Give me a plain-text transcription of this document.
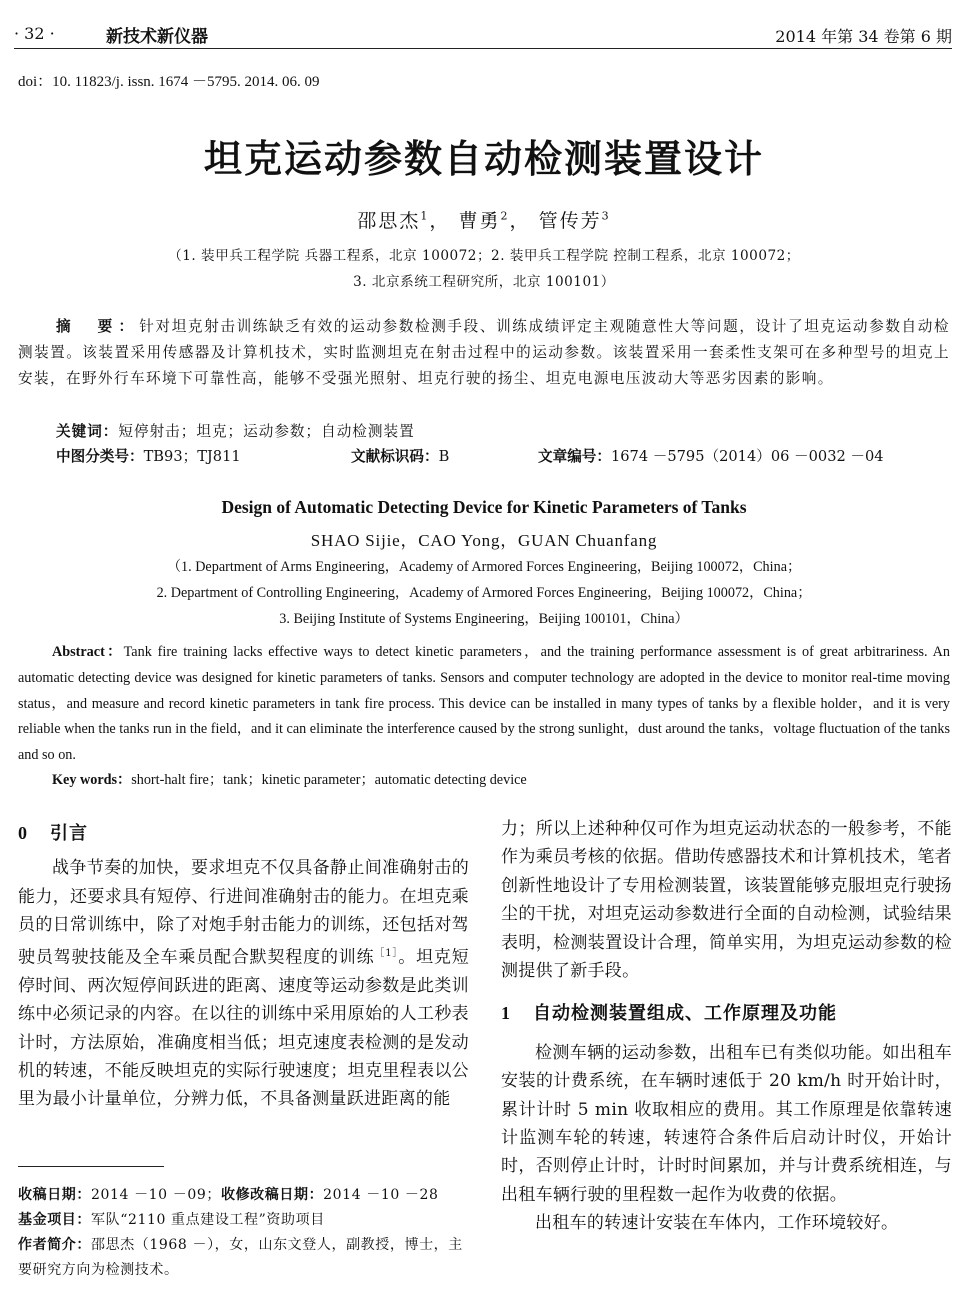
· 32 ·	新技术新仪器	2014 年第 34 卷第 6 期
doi：10. 11823/j. issn. 1674 －5795. 2014. 06. 09
坦克运动参数自动检测装置设计
邵思杰$^1$， 曹勇$^2$， 管传芳$^3$
（1. 装甲兵工程学院 兵器工程系，北京 100072；2. 装甲兵工程学院 控制工程系，北京 100072；
3. 北京系统工程研究所，北京 100101）
摘　要：针对坦克射击训练缺乏有效的运动参数检测手段、训练成绩评定主观随意性大等问题，设计了坦克运动参数自动检测装置。该装置采用传感器及计算机技术，实时监测坦克在射击过程中的运动参数。该装置采用一套柔性支架可在多种型号的坦克上安装，在野外行车环境下可靠性高，能够不受强光照射、坦克行驶的扬尘、坦克电源电压波动大等恶劣因素的影响。
关键词：短停射击；坦克；运动参数；自动检测装置
中图分类号：TB93；TJ811	文献标识码：B	文章编号：1674 －5795（2014）06 －0032 －04
Design of Automatic Detecting Device for Kinetic Parameters of Tanks
SHAO Sijie，CAO Yong，GUAN Chuanfang
（1. Department of Arms Engineering，Academy of Armored Forces Engineering，Beijing 100072，China；
2. Department of Controlling Engineering，Academy of Armored Forces Engineering，Beijing 100072，China；
3. Beijing Institute of Systems Engineering，Beijing 100101，China）
Abstract：Tank fire training lacks effective ways to detect kinetic parameters，and the training performance assessment is of great arbitrariness. An automatic detecting device was designed for kinetic parameters of tanks. Sensors and computer technology are adopted in the device to monitor real-time moving status，and measure and record kinetic parameters in tank fire process. This device can be installed in many types of tanks by a flexible holder，and it is very reliable when the tanks run in the field，and it can eliminate the interference caused by the strong sunlight，dust around the tanks，voltage fluctuation of the tanks and so on.
Key words：short-halt fire；tank；kinetic parameter；automatic detecting device
0 引言

战争节奏的加快，要求坦克不仅具备静止间准确射击的能力，还要求具有短停、行进间准确射击的能力。在坦克乘员的日常训练中，除了对炮手射击能力的训练，还包括对驾驶员驾驶技能及全车乘员配合默契程度的训练$^{[1]}$。坦克短停时间、两次短停间跃进的距离、速度等运动参数是此类训练中必须记录的内容。在以往的训练中采用原始的人工秒表计时，方法原始，准确度相当低；坦克速度表检测的是发动机的转速，不能反映坦克的实际行驶速度；坦克里程表以公里为最小计量单位，分辨力低，不具备测量跃进距离的能

收稿日期：2014 －10 －09；收修改稿日期：2014 －10 －28

基金项目：军队“2110 重点建设工程”资助项目

作者简介：邵思杰（1968 －），女，山东文登人，副教授，博士，主要研究方向为检测技术。

力；所以上述种种仅可作为坦克运动状态的一般参考，不能作为乘员考核的依据。借助传感器技术和计算机技术，笔者创新性地设计了专用检测装置，该装置能够克服坦克行驶扬尘的干扰，对坦克运动参数进行全面的自动检测，试验结果表明，检测装置设计合理，简单实用，为坦克运动参数的检测提供了新手段。

1 自动检测装置组成、工作原理及功能

检测车辆的运动参数，出租车已有类似功能。如出租车安装的计费系统，在车辆时速低于 20 km/h 时开始计时，累计计时 5 min 收取相应的费用。其工作原理是依靠转速计监测车轮的转速，转速符合条件后启动计时仪，开始计时，否则停止计时，计时时间累加，并与计费系统相连，与出租车辆行驶的里程数一起作为收费的依据。

出租车的转速计安装在车体内，工作环境较好。
